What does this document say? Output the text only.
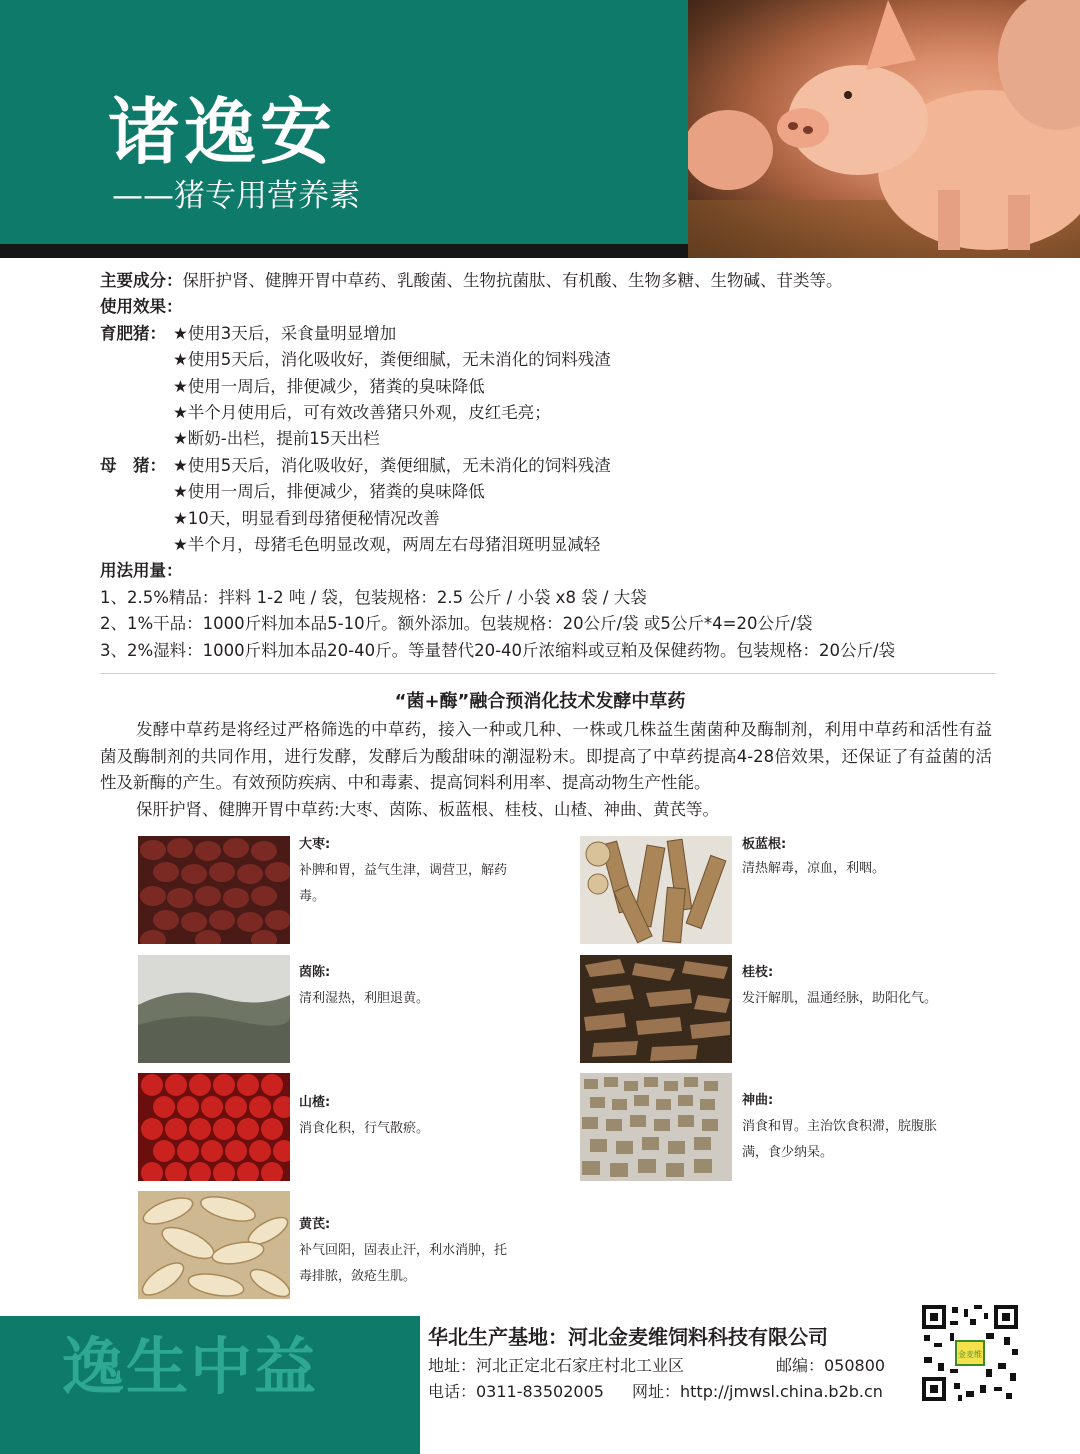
诸逸安
——猪专用营养素
主要成分： 保肝护肾、健脾开胃中草药、乳酸菌、生物抗菌肽、有机酸、生物多糖、生物碱、苷类等。
使用效果：
育肥猪： ★使用3天后，采食量明显增加
★使用5天后，消化吸收好，粪便细腻，无未消化的饲料残渣
★使用一周后，排便减少，猪粪的臭味降低
★半个月使用后，可有效改善猪只外观，皮红毛亮；
★断奶-出栏，提前15天出栏
母　猪： ★使用5天后，消化吸收好，粪便细腻，无未消化的饲料残渣
★使用一周后，排便减少，猪粪的臭味降低
★10天，明显看到母猪便秘情况改善
★半个月，母猪毛色明显改观，两周左右母猪泪斑明显减轻
用法用量：
1、2.5%精品：拌料 1-2 吨 / 袋，包装规格：2.5 公斤 / 小袋 x8 袋 / 大袋
2、1%干品：1000斤料加本品5-10斤。额外添加。包装规格：20公斤/袋 或5公斤*4=20公斤/袋
3、2%湿料：1000斤料加本品20-40斤。等量替代20-40斤浓缩料或豆粕及保健药物。包装规格：20公斤/袋
“菌+酶”融合预消化技术发酵中草药

发酵中草药是将经过严格筛选的中草药，接入一种或几种、一株或几株益生菌菌种及酶制剂，利用中草药和活性有益菌及酶制剂的共同作用，进行发酵，发酵后为酸甜味的潮湿粉末。即提高了中草药提高4-28倍效果，还保证了有益菌的活性及新酶的产生。有效预防疾病、中和毒素、提高饲料利用率、提高动物生产性能。

保肝护肾、健脾开胃中草药:大枣、茵陈、板蓝根、桂枝、山楂、神曲、黄芪等。

大枣:
补脾和胃，益气生津，调营卫，解药毒。
茵陈:
清利湿热，利胆退黄。
山楂:
消食化积，行气散瘀。
黄芪:
补气回阳，固表止汗，利水消肿，托毒排脓，敛疮生肌。
板蓝根:
清热解毒，凉血，利咽。
桂枝:
发汗解肌，温通经脉，助阳化气。
神曲:
消食和胃。主治饮食积滞，脘腹胀满，食少纳呆。
逸生中益	华北生产基地：河北金麦维饲料科技有限公司
地址：河北正定北石家庄村北工业区	邮编：050800
电话：0311-83502005 网址：http://jmwsl.china.b2b.cn
金麦维
